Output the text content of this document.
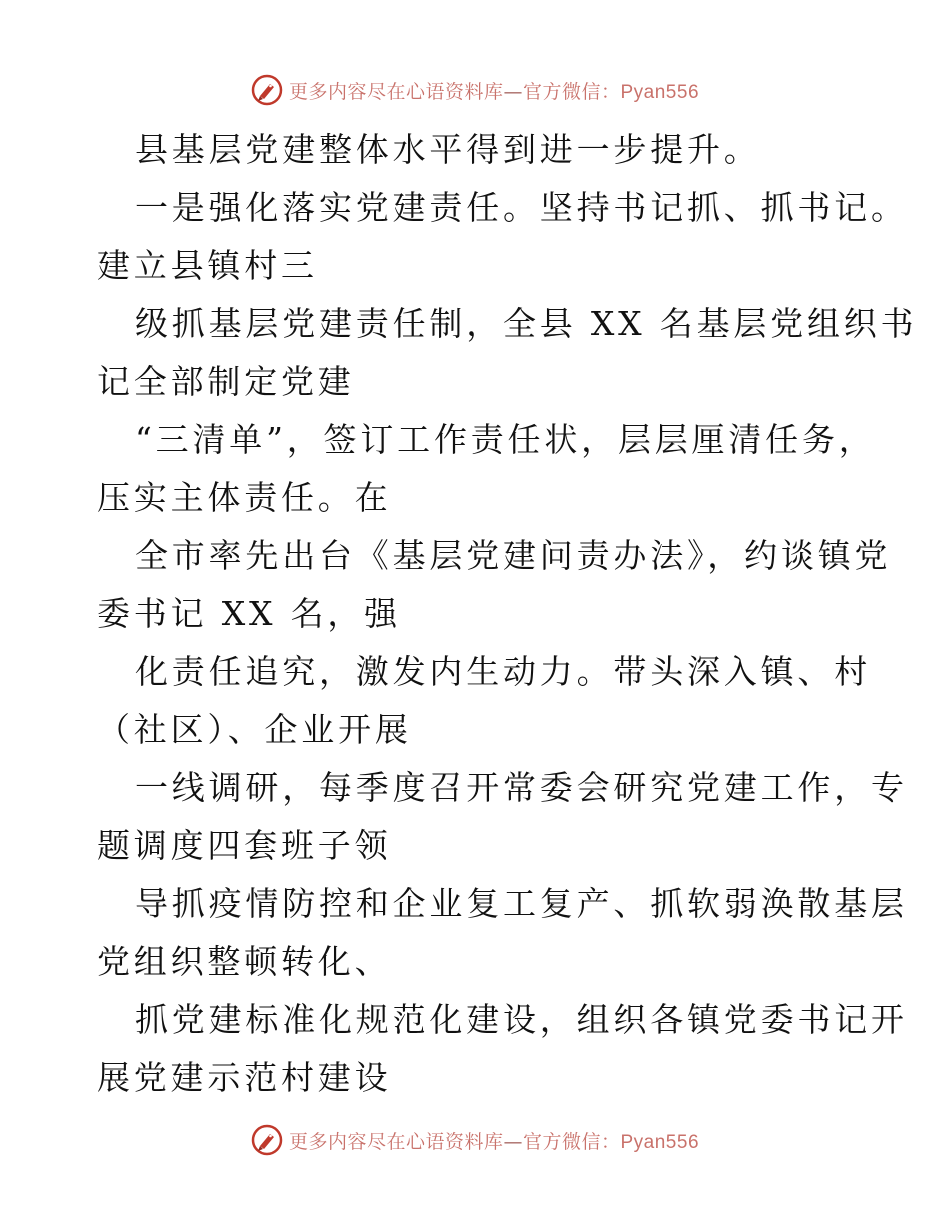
更多内容尽在心语资料库—官方微信：Pyan556
县基层党建整体水平得到进一步提升。
一是强化落实党建责任。坚持书记抓、抓书记。
建立县镇村三
级抓基层党建责任制，全县 XX 名基层党组织书
记全部制定党建
“三清单”，签订工作责任状，层层厘清任务，
压实主体责任。在
全市率先出台《基层党建问责办法》，约谈镇党
委书记 XX 名，强
化责任追究，激发内生动力。带头深入镇、村
（社区）、企业开展
一线调研，每季度召开常委会研究党建工作，专
题调度四套班子领
导抓疫情防控和企业复工复产、抓软弱涣散基层
党组织整顿转化、
抓党建标准化规范化建设，组织各镇党委书记开
展党建示范村建设
更多内容尽在心语资料库—官方微信：Pyan556
